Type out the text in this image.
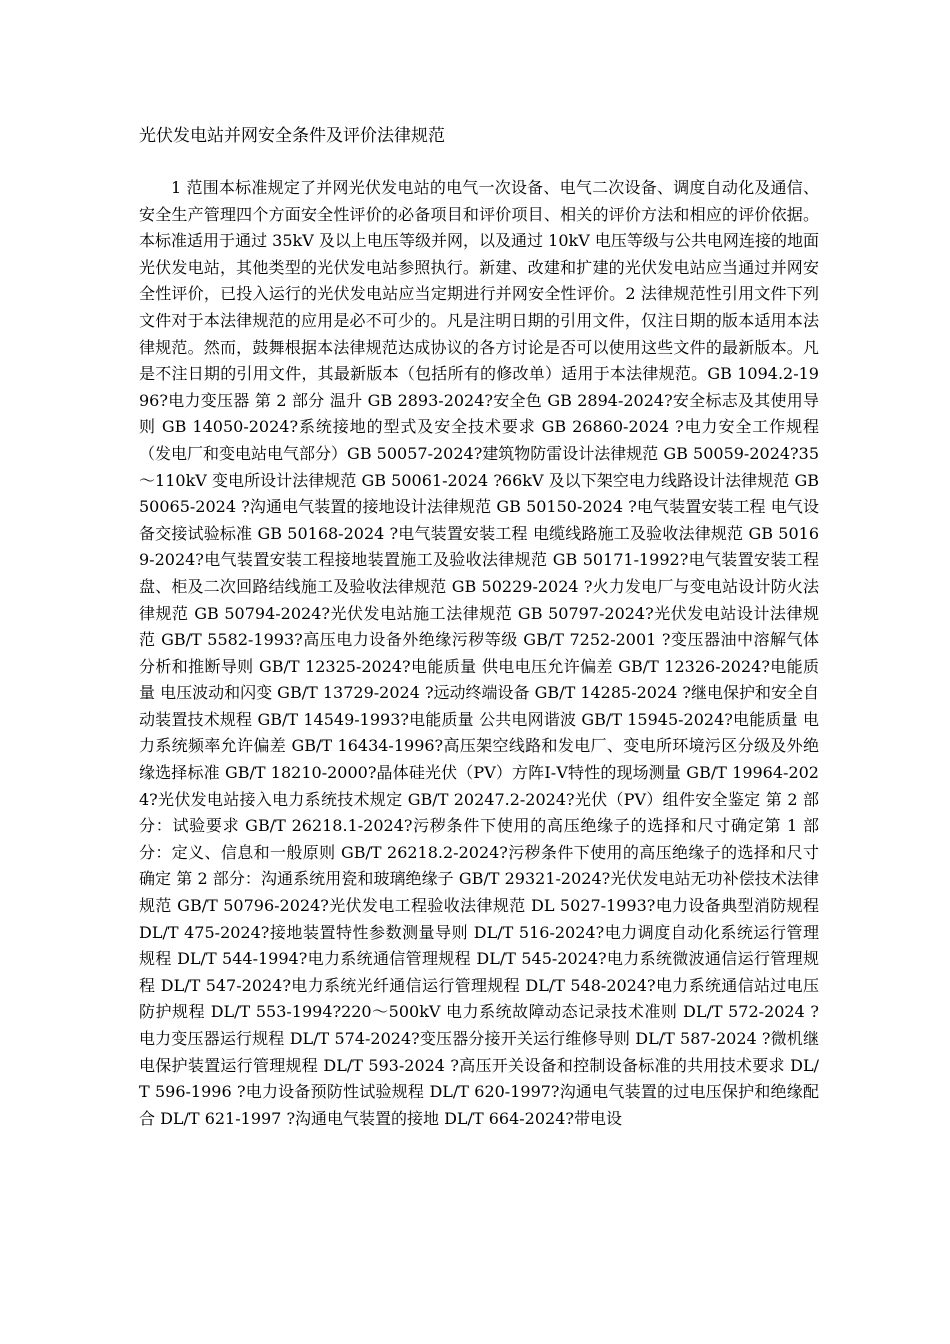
光伏发电站并网安全条件及评价法律规范

1 范围本标准规定了并网光伏发电站的电气一次设备、电气二次设备、调度自动化及通信、安全生产管理四个方面安全性评价的必备项目和评价项目、相关的评价方法和相应的评价依据。本标准适用于通过 35kV 及以上电压等级并网，以及通过 10kV 电压等级与公共电网连接的地面光伏发电站，其他类型的光伏发电站参照执行。新建、改建和扩建的光伏发电站应当通过并网安全性评价，已投入运行的光伏发电站应当定期进行并网安全性评价。2 法律规范性引用文件下列文件对于本法律规范的应用是必不可少的。凡是注明日期的引用文件，仅注日期的版本适用本法律规范。然而，鼓舞根据本法律规范达成协议的各方讨论是否可以使用这些文件的最新版本。凡是不注日期的引用文件，其最新版本（包括所有的修改单）适用于本法律规范。GB 1094.2-1996?电力变压器 第 2 部分 温升 GB 2893-2024?安全色 GB 2894-2024?安全标志及其使用导则 GB 14050-2024?系统接地的型式及安全技术要求 GB 26860-2024 ?电力安全工作规程（发电厂和变电站电气部分）GB 50057-2024?建筑物防雷设计法律规范 GB 50059-2024?35～110kV 变电所设计法律规范 GB 50061-2024 ?66kV 及以下架空电力线路设计法律规范 GB 50065-2024 ?沟通电气装置的接地设计法律规范 GB 50150-2024 ?电气装置安装工程 电气设备交接试验标准 GB 50168-2024 ?电气装置安装工程 电缆线路施工及验收法律规范 GB 50169-2024?电气装置安装工程接地装置施工及验收法律规范 GB 50171-1992?电气装置安装工程 盘、柜及二次回路结线施工及验收法律规范 GB 50229-2024 ?火力发电厂与变电站设计防火法律规范 GB 50794-2024?光伏发电站施工法律规范 GB 50797-2024?光伏发电站设计法律规范 GB/T 5582-1993?高压电力设备外绝缘污秽等级 GB/T 7252-2001 ?变压器油中溶解气体分析和推断导则 GB/T 12325-2024?电能质量 供电电压允许偏差 GB/T 12326-2024?电能质量 电压波动和闪变 GB/T 13729-2024 ?远动终端设备 GB/T 14285-2024 ?继电保护和安全自动装置技术规程 GB/T 14549-1993?电能质量 公共电网谐波 GB/T 15945-2024?电能质量 电力系统频率允许偏差 GB/T 16434-1996?高压架空线路和发电厂、变电所环境污区分级及外绝缘选择标准 GB/T 18210-2000?晶体硅光伏（PV）方阵Ⅰ-Ⅴ特性的现场测量 GB/T 19964-2024?光伏发电站接入电力系统技术规定 GB/T 20247.2-2024?光伏（PV）组件安全鉴定 第 2 部分：试验要求 GB/T 26218.1-2024?污秽条件下使用的高压绝缘子的选择和尺寸确定第 1 部分：定义、信息和一般原则 GB/T 26218.2-2024?污秽条件下使用的高压绝缘子的选择和尺寸确定 第 2 部分：沟通系统用瓷和玻璃绝缘子 GB/T 29321-2024?光伏发电站无功补偿技术法律规范 GB/T 50796-2024?光伏发电工程验收法律规范 DL 5027-1993?电力设备典型消防规程 DL/T 475-2024?接地装置特性参数测量导则 DL/T 516-2024?电力调度自动化系统运行管理规程 DL/T 544-1994?电力系统通信管理规程 DL/T 545-2024?电力系统微波通信运行管理规程 DL/T 547-2024?电力系统光纤通信运行管理规程 DL/T 548-2024?电力系统通信站过电压防护规程 DL/T 553-1994?220～500kV 电力系统故障动态记录技术准则 DL/T 572-2024 ?电力变压器运行规程 DL/T 574-2024?变压器分接开关运行维修导则 DL/T 587-2024 ?微机继电保护装置运行管理规程 DL/T 593-2024 ?高压开关设备和控制设备标准的共用技术要求 DL/T 596-1996 ?电力设备预防性试验规程 DL/T 620-1997?沟通电气装置的过电压保护和绝缘配合 DL/T 621-1997 ?沟通电气装置的接地 DL/T 664-2024?带电设
